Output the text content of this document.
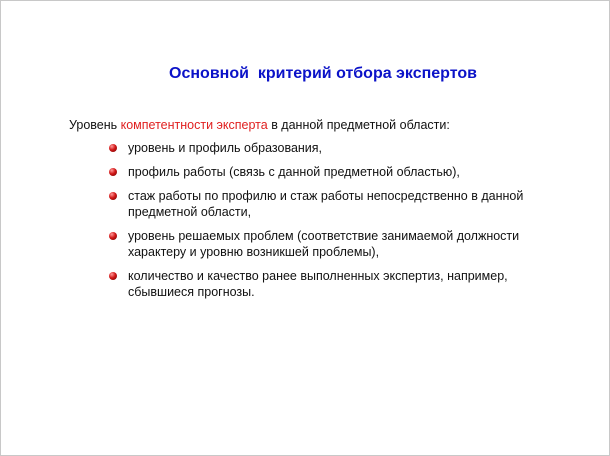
Основной  критерий отбора экспертов

Уровень компетентности эксперта в данной предметной области:

уровень и профиль образования,
профиль работы (связь с данной предметной областью),
стаж работы по профилю и стаж работы непосредственно в данной предметной области,
уровень решаемых проблем (соответствие занимаемой должности характеру и уровню возникшей проблемы),
количество и качество ранее выполненных экспертиз, например, сбывшиеся прогнозы.
